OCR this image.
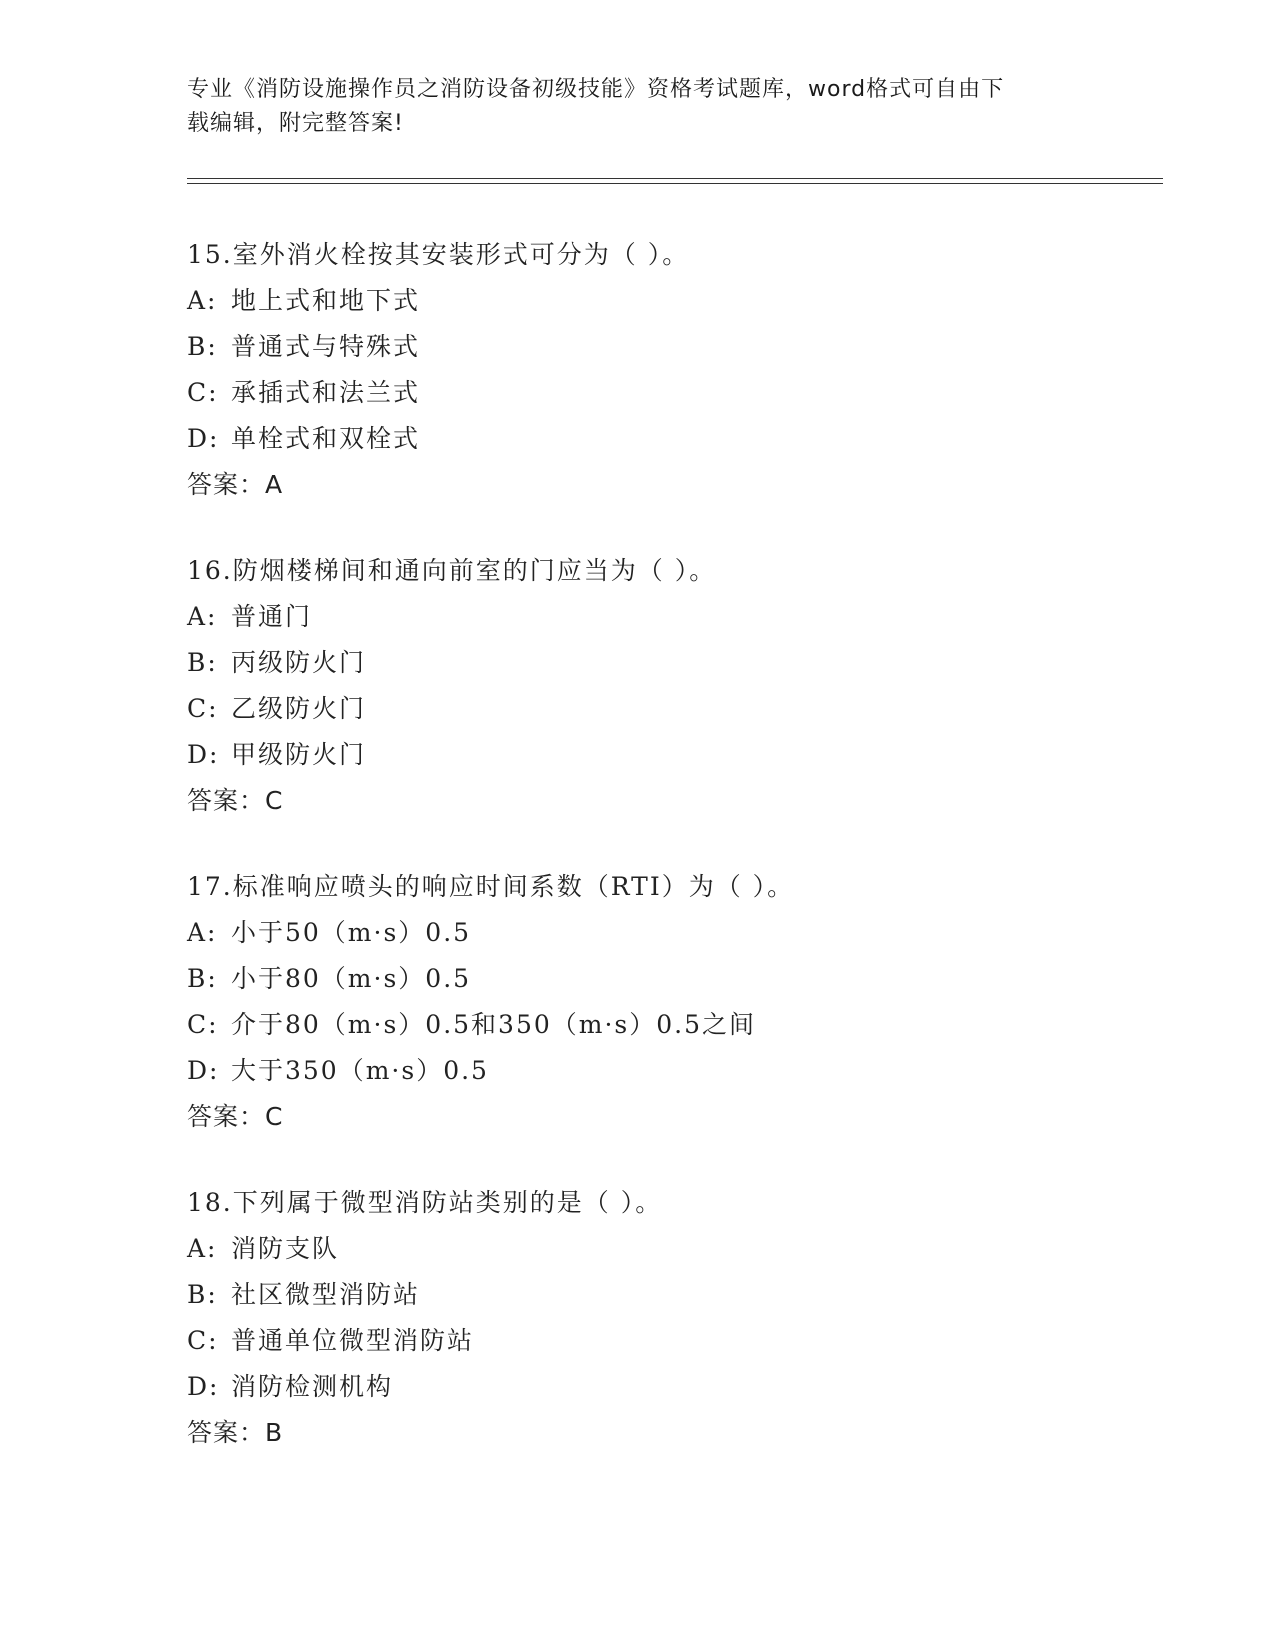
专业《消防设施操作员之消防设备初级技能》资格考试题库，word格式可自由下
载编辑，附完整答案!
15.室外消火栓按其安装形式可分为（ ）。
A: 地上式和地下式
B: 普通式与特殊式
C: 承插式和法兰式
D: 单栓式和双栓式
答案：A
16.防烟楼梯间和通向前室的门应当为（ ）。
A: 普通门
B: 丙级防火门
C: 乙级防火门
D: 甲级防火门
答案：C
17.标准响应喷头的响应时间系数（RTI）为（ ）。
A: 小于50（m·s）0.5
B: 小于80（m·s）0.5
C: 介于80（m·s）0.5和350（m·s）0.5之间
D: 大于350（m·s）0.5
答案：C
18.下列属于微型消防站类别的是（ ）。
A: 消防支队
B: 社区微型消防站
C: 普通单位微型消防站
D: 消防检测机构
答案：B
